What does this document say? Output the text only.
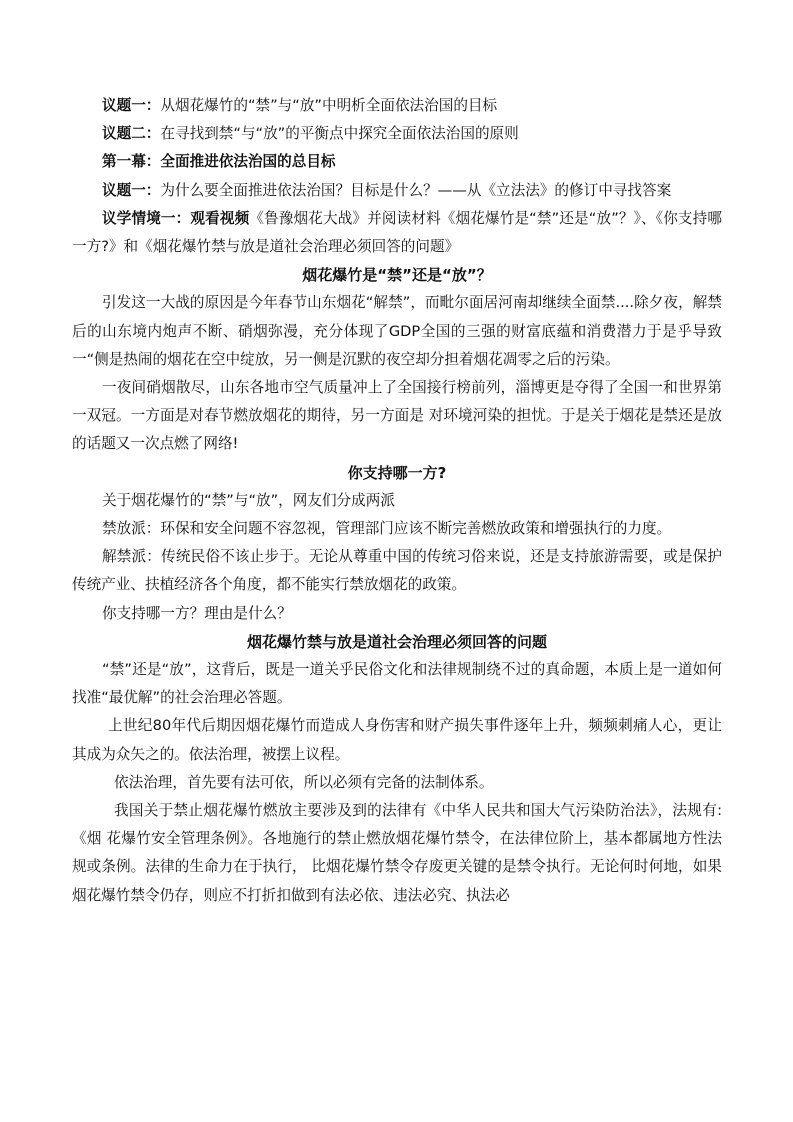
议题一：从烟花爆竹的“禁”与“放”中明析全面依法治国的目标

议题二：在寻找到禁“与“放”的平衡点中探究全面依法治国的原则

第一幕：全面推进依法治国的总目标

议题一：为什么要全面推进依法治国？目标是什么？——从《立法法》的修订中寻找答案

议学情境一：观看视频《鲁豫烟花大战》并阅读材料《烟花爆竹是“禁”还是“放”？》、《你支持哪一方?》和《烟花爆竹禁与放是道社会治理必须回答的问题》

烟花爆竹是“禁”还是“放”？

引发这一大战的原因是今年春节山东烟花“解禁”，而毗尔面居河南却继续全面禁....除夕夜，解禁后的山东境内炮声不断、硝烟弥漫，充分体现了GDP全国的三强的财富底蕴和消费潜力于是乎导致一“侧是热闹的烟花在空中绽放，另一侧是沉默的夜空却分担着烟花凋零之后的污染。

一夜间硝烟散尽，山东各地市空气质量冲上了全国接行榜前列，淄博更是夺得了全国一和世界第一双冠。一方面是对春节燃放烟花的期待，另一方面是 对环境河染的担忧。于是关于烟花是禁还是放的话题又一次点燃了网络!

你支持哪一方?

关于烟花爆竹的“禁”与“放”，网友们分成两派

禁放派：环保和安全问题不容忽视，管理部门应该不断完善燃放政策和增强执行的力度。

解禁派：传统民俗不该止步于。无论从尊重中国的传统习俗来说，还是支持旅游需要，或是保护传统产业、扶植经济各个角度，都不能实行禁放烟花的政策。

你支持哪一方？理由是什么？

烟花爆竹禁与放是道社会治理必须回答的问题

“禁”还是“放”，这背后，既是一道关乎民俗文化和法律规制绕不过的真命题，本质上是一道如何找准“最优解”的社会治理必答题。

上世纪80年代后期因烟花爆竹而造成人身伤害和财产损失事件逐年上升，频频刺痛人心，更让其成为众矢之的。依法治理，被摆上议程。

依法治理，首先要有法可依，所以必须有完备的法制体系。

我国关于禁止烟花爆竹燃放主要涉及到的法律有《中华人民共和国大气污染防治法》，法规有:《烟 花爆竹安全管理条例》。各地施行的禁止燃放烟花爆竹禁令，在法律位阶上，基本都属地方性法规或条例。法律的生命力在于执行， 比烟花爆竹禁令存废更关键的是禁令执行。无论何时何地，如果烟花爆竹禁令仍存，则应不打折扣做到有法必依、违法必究、执法必
